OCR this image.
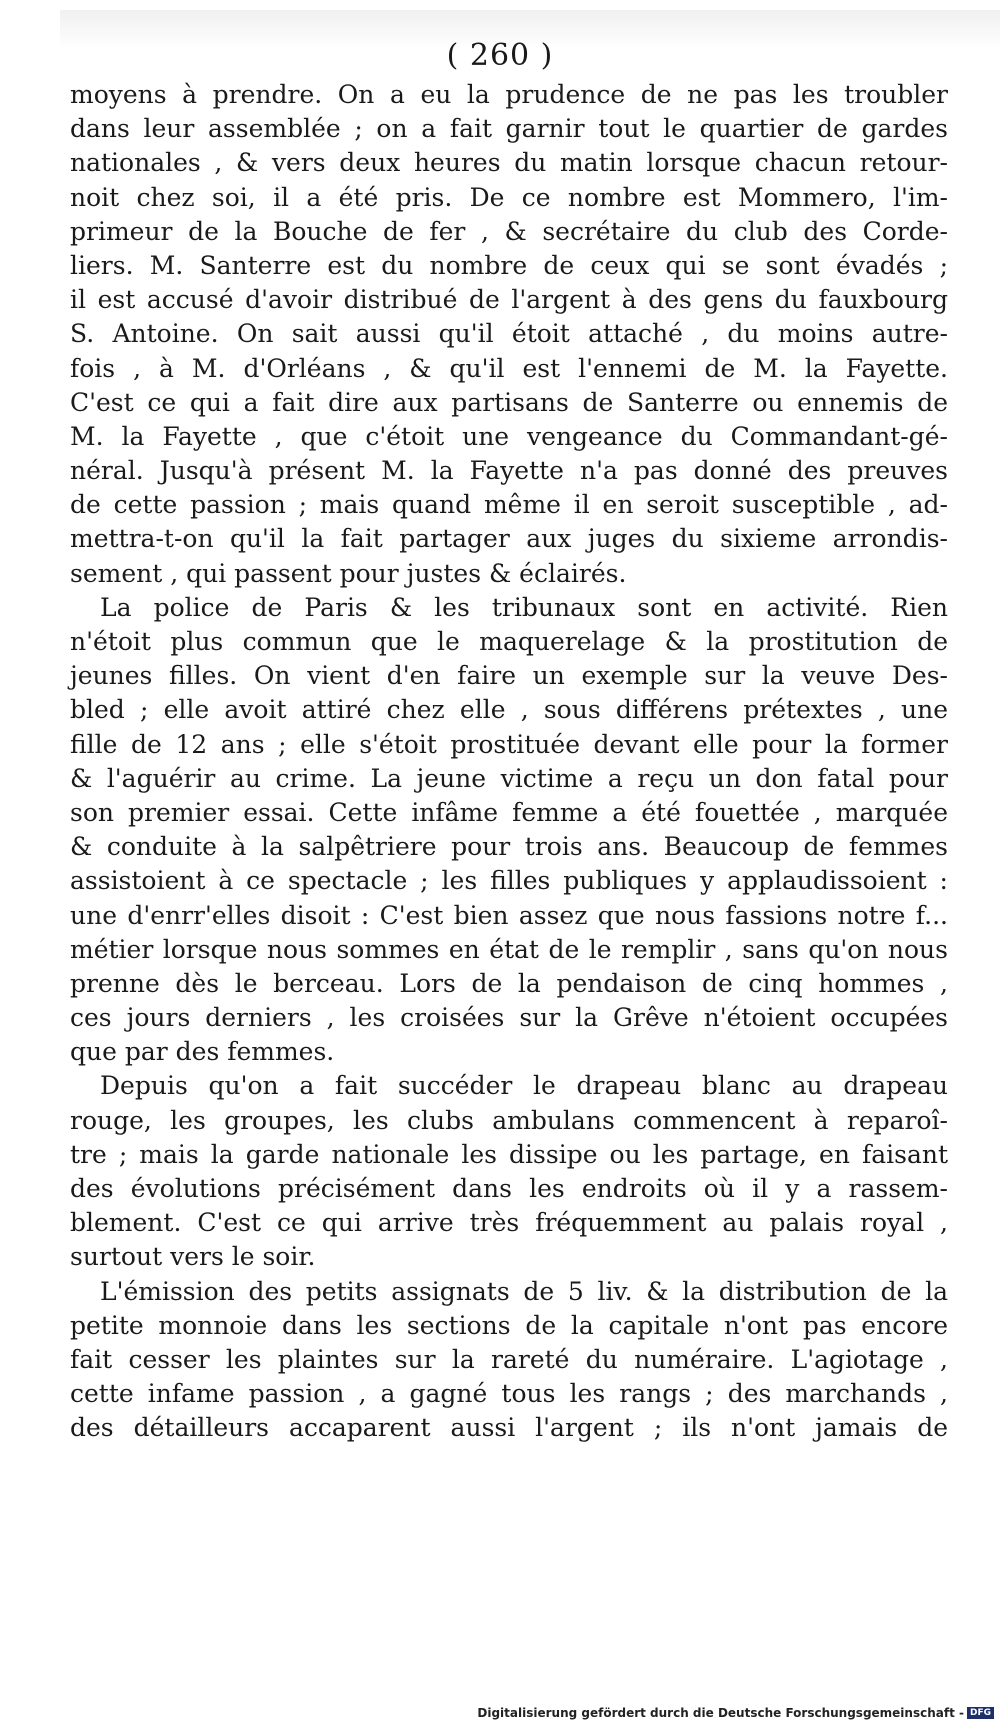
( 260 )
moyens à prendre. On a eu la prudence de ne pas les troubler
dans leur assemblée ; on a fait garnir tout le quartier de gardes
nationales , & vers deux heures du matin lorsque chacun retour-
noit chez soi, il a été pris. De ce nombre est Mommero, l'im-
primeur de la Bouche de fer , & secrétaire du club des Corde-
liers. M. Santerre est du nombre de ceux qui se sont évadés ;
il est accusé d'avoir distribué de l'argent à des gens du fauxbourg
S. Antoine. On sait aussi qu'il étoit attaché , du moins autre-
fois , à M. d'Orléans , & qu'il est l'ennemi de M. la Fayette.
C'est ce qui a fait dire aux partisans de Santerre ou ennemis de
M. la Fayette , que c'étoit une vengeance du Commandant-gé-
néral. Jusqu'à présent M. la Fayette n'a pas donné des preuves
de cette passion ; mais quand même il en seroit susceptible , ad-
mettra-t-on qu'il la fait partager aux juges du sixieme arrondis-
sement , qui passent pour justes & éclairés.
La police de Paris & les tribunaux sont en activité. Rien
n'étoit plus commun que le maquerelage & la prostitution de
jeunes filles. On vient d'en faire un exemple sur la veuve Des-
bled ; elle avoit attiré chez elle , sous différens prétextes , une
fille de 12 ans ; elle s'étoit prostituée devant elle pour la former
& l'aguérir au crime. La jeune victime a reçu un don fatal pour
son premier essai. Cette infâme femme a été fouettée , marquée
& conduite à la salpêtriere pour trois ans. Beaucoup de femmes
assistoient à ce spectacle ; les filles publiques y applaudissoient :
une d'enrr'elles disoit : C'est bien assez que nous fassions notre f...
métier lorsque nous sommes en état de le remplir , sans qu'on nous
prenne dès le berceau. Lors de la pendaison de cinq hommes ,
ces jours derniers , les croisées sur la Grêve n'étoient occupées
que par des femmes.
Depuis qu'on a fait succéder le drapeau blanc au drapeau
rouge, les groupes, les clubs ambulans commencent à reparoî-
tre ; mais la garde nationale les dissipe ou les partage, en faisant
des évolutions précisément dans les endroits où il y a rassem-
blement. C'est ce qui arrive très fréquemment au palais royal ,
surtout vers le soir.
L'émission des petits assignats de 5 liv. & la distribution de la
petite monnoie dans les sections de la capitale n'ont pas encore
fait cesser les plaintes sur la rareté du numéraire. L'agiotage ,
cette infame passion , a gagné tous les rangs ; des marchands ,
des détailleurs accaparent aussi l'argent ; ils n'ont jamais de
Digitalisierung gefördert durch die Deutsche Forschungsgemeinschaft - DFG
